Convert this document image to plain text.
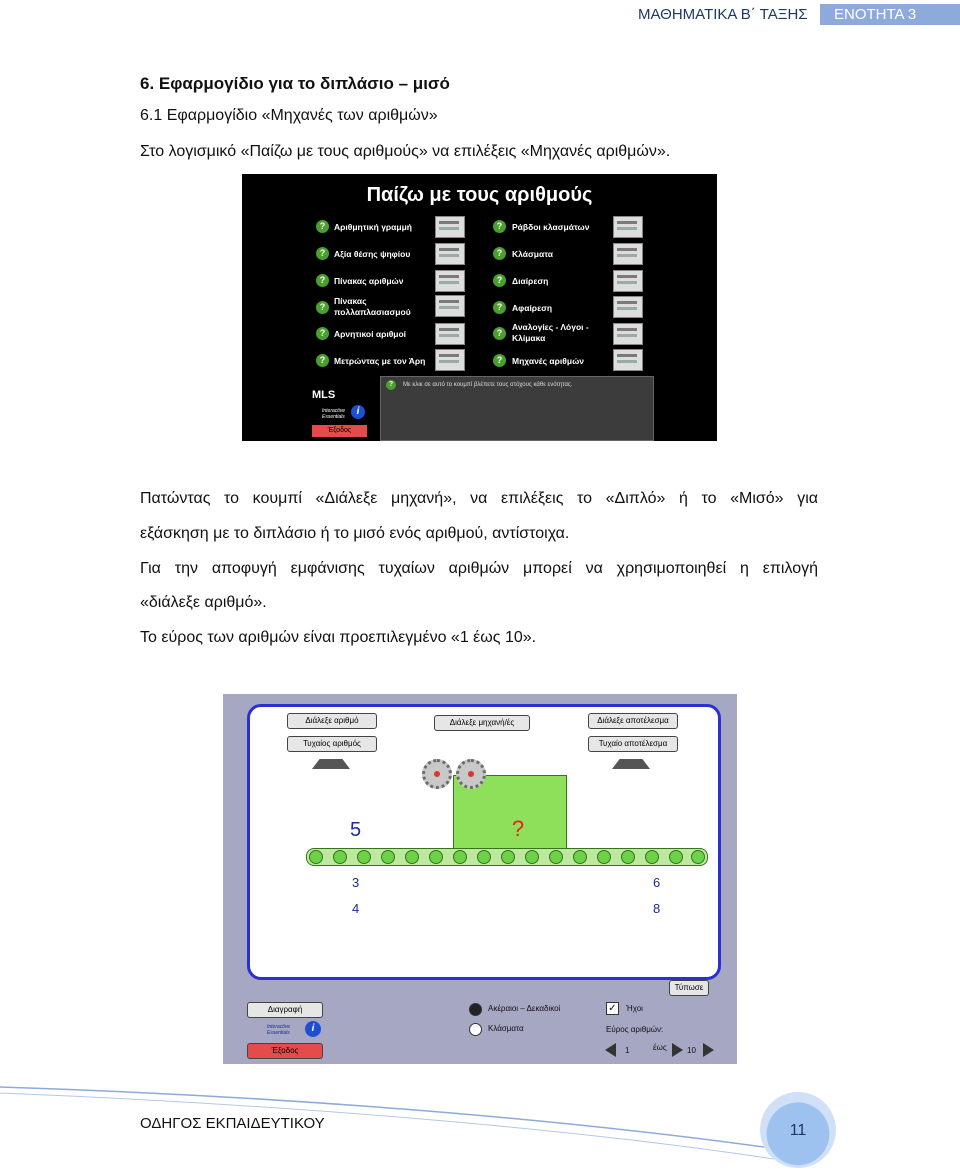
ΜΑΘΗΜΑΤΙΚΑ Β΄ ΤΑΞΗΣ	ΕΝΟΤΗΤΑ 3
6. Εφαρμογίδιο για το διπλάσιο – μισό
6.1 Εφαρμογίδιο «Μηχανές των αριθμών»
Στο λογισμικό «Παίζω με τους αριθμούς» να επιλέξεις «Μηχανές αριθμών».
Παίζω με τους αριθμούς
?	Αριθμητική γραμμή
?	Αξία θέσης ψηφίου
?	Πίνακας αριθμών
?
Πίνακας πολλαπλασιασμού
?	Αρνητικοί αριθμοί
?	Μετρώντας με τον Άρη
?	Ράβδοι κλασμάτων
?	Κλάσματα
?	Διαίρεση
?	Αφαίρεση
?
Αναλογίες - Λόγοι - Κλίμακα
?	Μηχανές αριθμών
?	Με κλικ σε αυτό το κουμπί βλέπετε τους στόχους κάθε ενότητας.
MLS
Interactive Essentials	i
Έξοδος
Πατώντας το κουμπί «Διάλεξε μηχανή», να επιλέξεις το «Διπλό» ή το «Μισό» για
εξάσκηση με το διπλάσιο ή το μισό ενός αριθμού, αντίστοιχα.
Για την αποφυγή εμφάνισης τυχαίων αριθμών μπορεί να χρησιμοποιηθεί η επιλογή
«διάλεξε αριθμό».
Το εύρος των αριθμών είναι προεπιλεγμένο «1 έως 10».
Διάλεξε αριθμό
Τυχαίος αριθμός
Διάλεξε μηχανή/ές	Διάλεξε αποτέλεσμα
Τυχαίο αποτέλεσμα
?
5
3
4
6
8
Τύπωσε
Διαγραφή
Interactive Essentials	i
Έξοδος
Ακέραιοι – Δεκαδικοί
Κλάσματα
✓ Ήχοι
Εύρος αριθμών:
1	έως	10
ΟΔΗΓΟΣ ΕΚΠΑΙΔΕΥΤΙΚΟΥ	11
